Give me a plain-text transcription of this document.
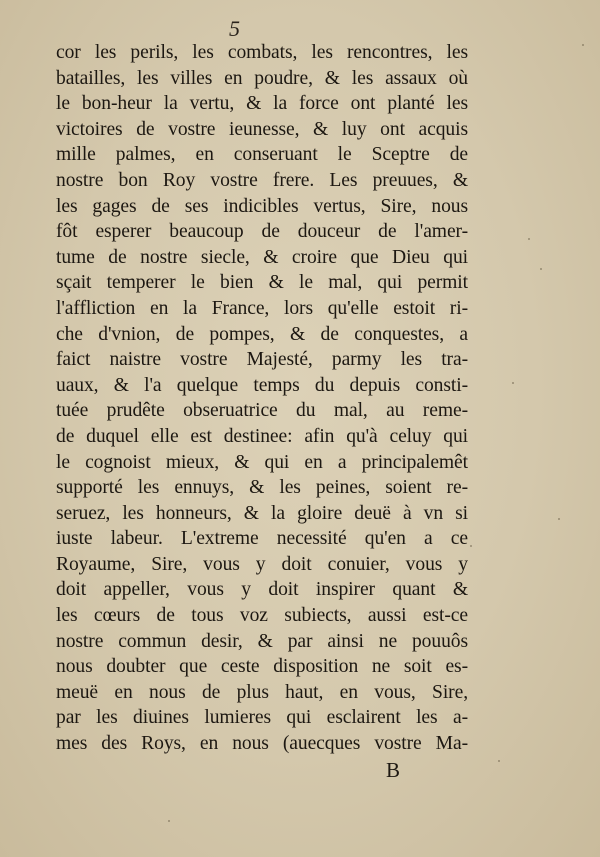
5
cor les perils, les combats, les rencontres, les
batailles, les villes en poudre, & les assaux où
le bon-heur la vertu, & la force ont planté les
victoires de vostre ieunesse, & luy ont acquis
mille palmes, en conseruant le Sceptre de
nostre bon Roy vostre frere. Les preuues, &
les gages de ses indicibles vertus, Sire, nous
fôt esperer beaucoup de douceur de l'amer-
tume de nostre siecle, & croire que Dieu qui
sçait temperer le bien & le mal, qui permit
l'affliction en la France, lors qu'elle estoit ri-
che d'vnion, de pompes, & de conquestes, a
faict naistre vostre Majesté, parmy les tra-
uaux, & l'a quelque temps du depuis consti-
tuée prudête obseruatrice du mal, au reme-
de duquel elle est destinee: afin qu'à celuy qui
le cognoist mieux, & qui en a principalemêt
supporté les ennuys, & les peines, soient re-
seruez, les honneurs, & la gloire deuë à vn si
iuste labeur. L'extreme necessité qu'en a ce
Royaume, Sire, vous y doit conuier, vous y
doit appeller, vous y doit inspirer quant &
les cœurs de tous voz subiects, aussi est-ce
nostre commun desir, & par ainsi ne pouuôs
nous doubter que ceste disposition ne soit es-
meuë en nous de plus haut, en vous, Sire,
par les diuines lumieres qui esclairent les a-
mes des Roys, en nous (auecques vostre Ma-
B
